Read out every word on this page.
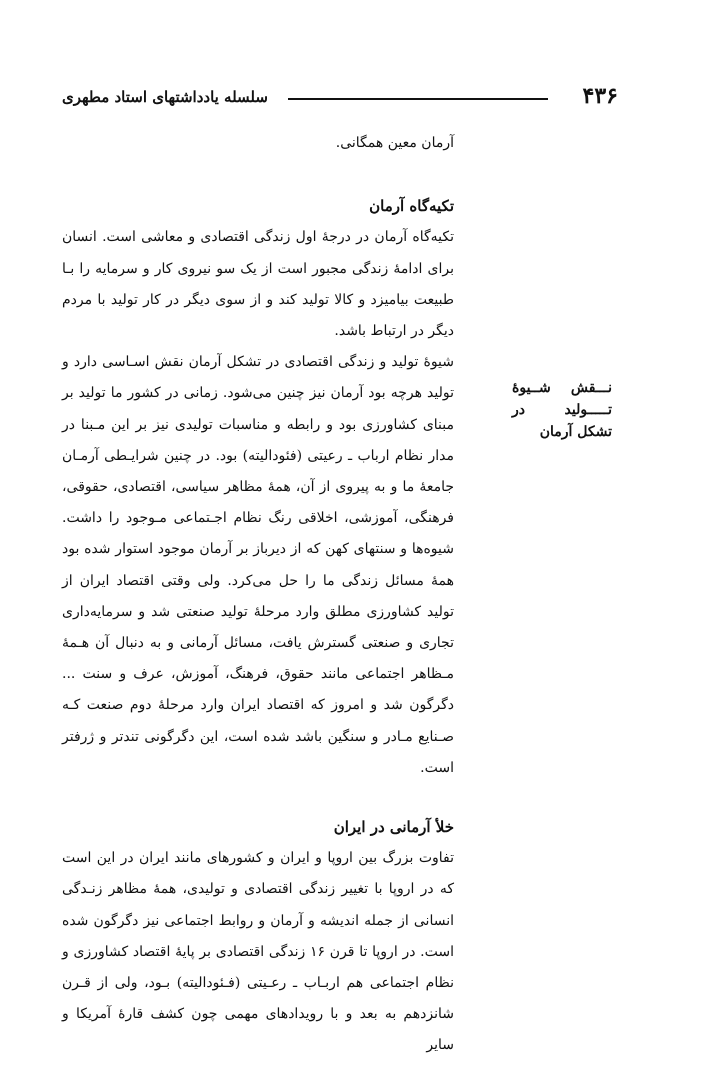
۴۳۶
سلسله یادداشتهای استاد مطهری
نـــقش شــیوۀ
تـــــولید در
تشکل آرمان

آرمان معین همگانی.

تکیه‌گاه آرمان

تکیه‌گاه آرمان در درجهٔ اول زندگی اقتصادی و معاشی است. انسان برای ادامهٔ زندگی مجبور است از یک سو نیروی کار و سرمایه را بـا طبیعت بیامیزد و کالا تولید کند و از سوی دیگر در کار تولید با مردم دیگر در ارتباط باشد.

شیوهٔ تولید و زندگی اقتصادی در تشکل آرمان نقش اسـاسی دارد و تولید هرچه بود آرمان نیز چنین می‌شود. زمانی در کشور ما تولید بر مبنای کشاورزی بود و رابطه و مناسبات تولیدی نیز بر این مـبنا در مدار نظام ارباب ـ رعیتی (فئودالیته) بود. در چنین شرایـطی آرمـان جامعهٔ ما و به پیروی از آن، همهٔ مظاهر سیاسی، اقتصادی، حقوقی، فرهنگی، آموزشی، اخلاقی رنگ نظام اجـتماعی مـوجود را داشت. شیوه‌ها و سنتهای کهن که از دیرباز بر آرمان موجود استوار شده بود همهٔ مسائل زندگی ما را حل می‌کرد. ولی وقتی اقتصاد ایران از تولید کشاورزی مطلق وارد مرحلهٔ تولید صنعتی شد و سرمایه‌داری تجاری و صنعتی گسترش یافت، مسائل آرمانی و به دنبال آن هـمهٔ مـظاهر اجتماعی مانند حقوق، فرهنگ، آموزش، عرف و سنت ... دگرگون شد و امروز که اقتصاد ایران وارد مرحلهٔ دوم صنعت کـه صـنایع مـادر و سنگین باشد شده است، این دگرگونی تندتر و ژرفتر است.

خلأ آرمانی در ایران

تفاوت بزرگ بین اروپا و ایران و کشورهای مانند ایران در این است که در اروپا با تغییر زندگی اقتصادی و تولیدی، همهٔ مظاهر زنـدگی انسانی از جمله اندیشه و آرمان و روابط اجتماعی نیز دگرگون شده است. در اروپا تا قرن ۱۶ زندگی اقتصادی بر پایهٔ اقتصاد کشاورزی و نظام اجتماعی هم اربـاب ـ رعـیتی (فـئودالیته) بـود، ولی از قـرن شانزدهم به بعد و با رویدادهای مهمی چون کشف قارهٔ آمریکا و سایر
